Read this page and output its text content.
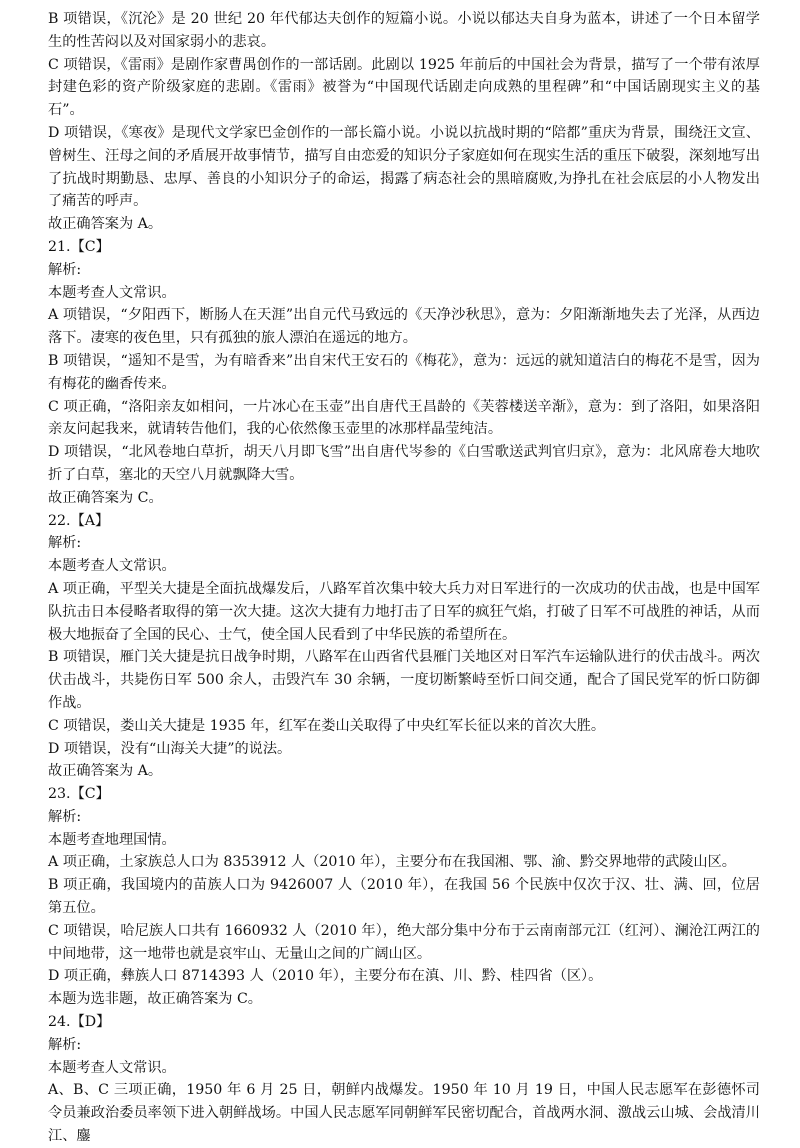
B 项错误，《沉沦》是 20 世纪 20 年代郁达夫创作的短篇小说。小说以郁达夫自身为蓝本，讲述了一个日本留学生的性苦闷以及对国家弱小的悲哀。

C 项错误，《雷雨》是剧作家曹禺创作的一部话剧。此剧以 1925 年前后的中国社会为背景，描写了一个带有浓厚封建色彩的资产阶级家庭的悲剧。《雷雨》被誉为“中国现代话剧走向成熟的里程碑”和“中国话剧现实主义的基石”。

D 项错误，《寒夜》是现代文学家巴金创作的一部长篇小说。小说以抗战时期的“陪都”重庆为背景，围绕汪文宣、曾树生、汪母之间的矛盾展开故事情节，描写自由恋爱的知识分子家庭如何在现实生活的重压下破裂，深刻地写出了抗战时期勤恳、忠厚、善良的小知识分子的命运，揭露了病态社会的黑暗腐败,为挣扎在社会底层的小人物发出了痛苦的呼声。

故正确答案为 A。

21.【C】

解析:

本题考查人文常识。

A 项错误，“夕阳西下，断肠人在天涯”出自元代马致远的《天净沙秋思》，意为：夕阳渐渐地失去了光泽，从西边落下。凄寒的夜色里，只有孤独的旅人漂泊在遥远的地方。

B 项错误，“遥知不是雪，为有暗香来”出自宋代王安石的《梅花》，意为：远远的就知道洁白的梅花不是雪，因为有梅花的幽香传来。

C 项正确，“洛阳亲友如相问，一片冰心在玉壶”出自唐代王昌龄的《芙蓉楼送辛渐》，意为：到了洛阳，如果洛阳亲友问起我来，就请转告他们，我的心依然像玉壶里的冰那样晶莹纯洁。

D 项错误，“北风卷地白草折，胡天八月即飞雪”出自唐代岑参的《白雪歌送武判官归京》，意为：北风席卷大地吹折了白草，塞北的天空八月就飘降大雪。

故正确答案为 C。

22.【A】

解析:

本题考查人文常识。

A 项正确，平型关大捷是全面抗战爆发后，八路军首次集中较大兵力对日军进行的一次成功的伏击战，也是中国军队抗击日本侵略者取得的第一次大捷。这次大捷有力地打击了日军的疯狂气焰，打破了日军不可战胜的神话，从而极大地振奋了全国的民心、士气，使全国人民看到了中华民族的希望所在。

B 项错误，雁门关大捷是抗日战争时期，八路军在山西省代县雁门关地区对日军汽车运输队进行的伏击战斗。两次伏击战斗，共毙伤日军 500 余人，击毁汽车 30 余辆，一度切断繁峙至忻口间交通，配合了国民党军的忻口防御作战。

C 项错误，娄山关大捷是 1935 年，红军在娄山关取得了中央红军长征以来的首次大胜。

D 项错误，没有“山海关大捷”的说法。

故正确答案为 A。

23.【C】

解析:

本题考查地理国情。

A 项正确，土家族总人口为 8353912 人（2010 年），主要分布在我国湘、鄂、渝、黔交界地带的武陵山区。

B 项正确，我国境内的苗族人口为 9426007 人（2010 年），在我国 56 个民族中仅次于汉、壮、满、回，位居第五位。

C 项错误，哈尼族人口共有 1660932 人（2010 年），绝大部分集中分布于云南南部元江（红河）、澜沧江两江的中间地带，这一地带也就是哀牢山、无量山之间的广阔山区。

D 项正确，彝族人口 8714393 人（2010 年），主要分布在滇、川、黔、桂四省（区）。

本题为选非题，故正确答案为 C。

24.【D】

解析:

本题考查人文常识。

A、B、C 三项正确，1950 年 6 月 25 日，朝鲜内战爆发。1950 年 10 月 19 日，中国人民志愿军在彭德怀司令员兼政治委员率领下进入朝鲜战场。中国人民志愿军同朝鲜军民密切配合，首战两水洞、激战云山城、会战清川江、鏖
